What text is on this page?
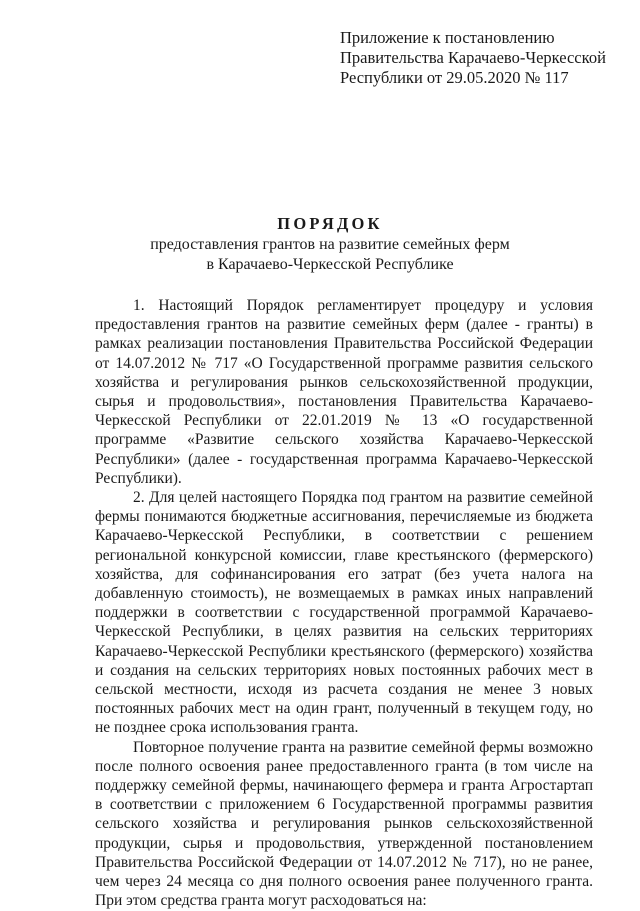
Приложение к постановлению
Правительства Карачаево-Черкесской
Республики от 29.05.2020 № 117
ПОРЯДОК
предоставления грантов на развитие семейных ферм
в Карачаево-Черкесской Республике

1. Настоящий Порядок регламентирует процедуру и условия предоставления грантов на развитие семейных ферм (далее - гранты) в рамках реализации постановления Правительства Российской Федерации от 14.07.2012 № 717 «О Государственной программе развития сельского хозяйства и регулирования рынков сельскохозяйственной продукции, сырья и продовольствия», постановления Правительства Карачаево-Черкесской Республики от 22.01.2019 № 13 «О государственной программе «Развитие сельского хозяйства Карачаево-Черкесской Республики» (далее - государственная программа Карачаево-Черкесской Республики).

2. Для целей настоящего Порядка под грантом на развитие семейной фермы понимаются бюджетные ассигнования, перечисляемые из бюджета Карачаево-Черкесской Республики, в соответствии с решением региональной конкурсной комиссии, главе крестьянского (фермерского) хозяйства, для софинансирования его затрат (без учета налога на добавленную стоимость), не возмещаемых в рамках иных направлений поддержки в соответствии с государственной программой Карачаево-Черкесской Республики, в целях развития на сельских территориях Карачаево-Черкесской Республики крестьянского (фермерского) хозяйства и создания на сельских территориях новых постоянных рабочих мест в сельской местности, исходя из расчета создания не менее 3 новых постоянных рабочих мест на один грант, полученный в текущем году, но не позднее срока использования гранта.

Повторное получение гранта на развитие семейной фермы возможно после полного освоения ранее предоставленного гранта (в том числе на поддержку семейной фермы, начинающего фермера и гранта Агростартап в соответствии с приложением 6 Государственной программы развития сельского хозяйства и регулирования рынков сельскохозяйственной продукции, сырья и продовольствия, утвержденной постановлением Правительства Российской Федерации от 14.07.2012 № 717), но не ранее, чем через 24 месяца со дня полного освоения ранее полученного гранта. При этом средства гранта могут расходоваться на:
